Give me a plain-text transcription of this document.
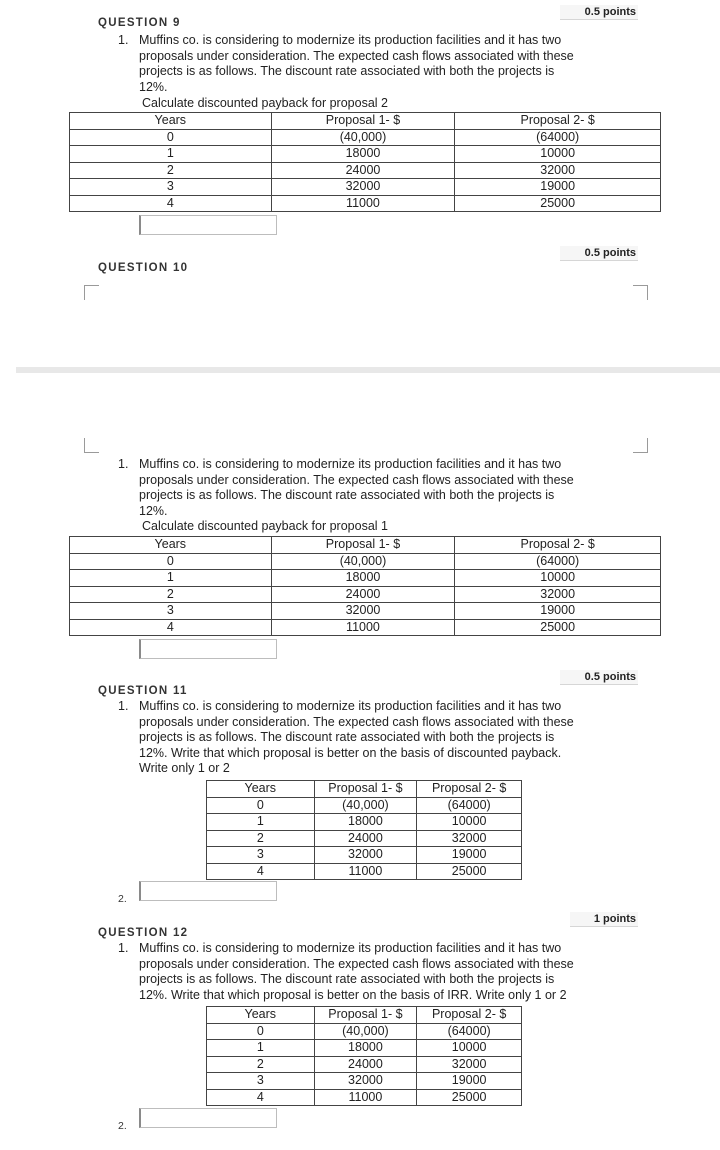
0.5 points
QUESTION 9
1. Muffins co. is considering to modernize its production facilities and it has two
proposals under consideration. The expected cash flows associated with these
projects is as follows. The discount rate associated with both the projects is
12%.
Calculate discounted payback for proposal 2
Years	Proposal 1- $	Proposal 2- $
0	(40,000)	(64000)
1	18000	10000
2	24000	32000
3	32000	19000
4	11000	25000
0.5 points
QUESTION 10
1. Muffins co. is considering to modernize its production facilities and it has two
proposals under consideration. The expected cash flows associated with these
projects is as follows. The discount rate associated with both the projects is
12%.
Calculate discounted payback for proposal 1
Years	Proposal 1- $	Proposal 2- $
0	(40,000)	(64000)
1	18000	10000
2	24000	32000
3	32000	19000
4	11000	25000
0.5 points
QUESTION 11
1. Muffins co. is considering to modernize its production facilities and it has two
proposals under consideration. The expected cash flows associated with these
projects is as follows. The discount rate associated with both the projects is
12%. Write that which proposal is better on the basis of discounted payback.
Write only 1 or 2
Years	Proposal 1- $	Proposal 2- $
0	(40,000)	(64000)
1	18000	10000
2	24000	32000
3	32000	19000
4	11000	25000
2.
1 points
QUESTION 12
1. Muffins co. is considering to modernize its production facilities and it has two
proposals under consideration. The expected cash flows associated with these
projects is as follows. The discount rate associated with both the projects is
12%. Write that which proposal is better on the basis of IRR. Write only 1 or 2
Years	Proposal 1- $	Proposal 2- $
0	(40,000)	(64000)
1	18000	10000
2	24000	32000
3	32000	19000
4	11000	25000
2.
